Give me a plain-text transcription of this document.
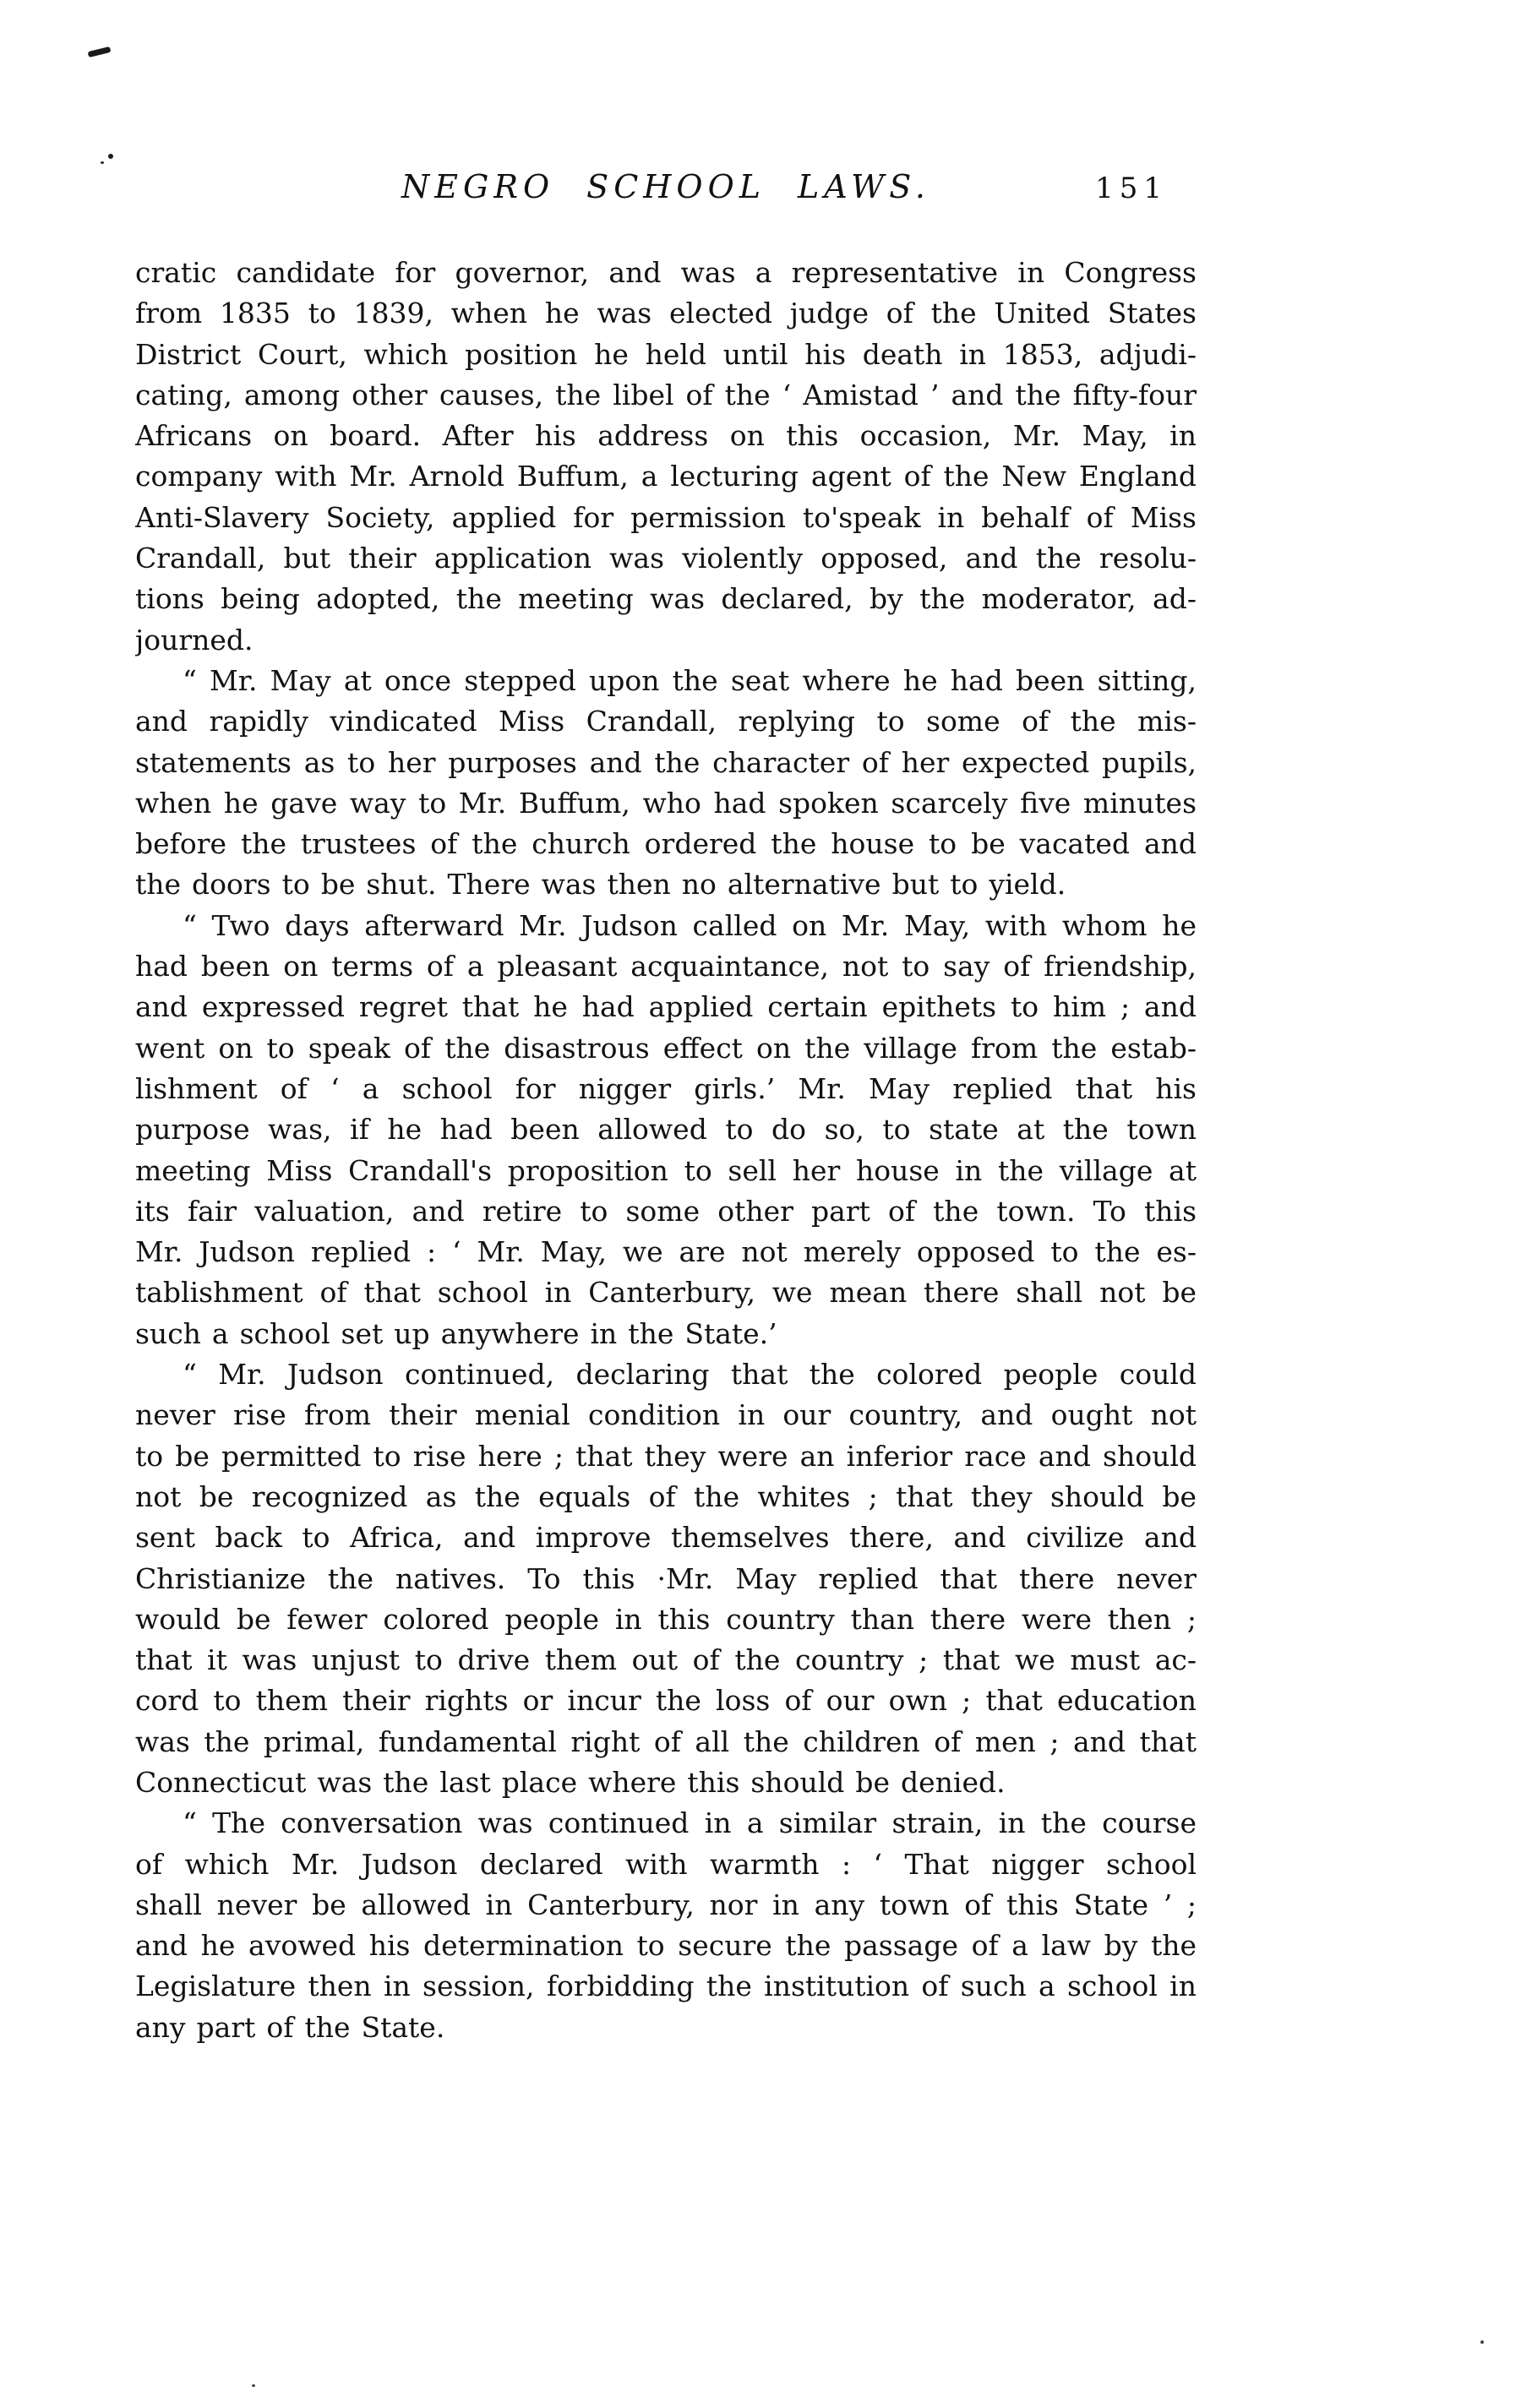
NEGRO SCHOOL LAWS.	151
cratic candidate for governor, and was a representative in Congress
from 1835 to 1839, when he was elected judge of the United States
District Court, which position he held until his death in 1853, adjudi-
cating, among other causes, the libel of the ‘ Amistad ’ and the fifty-four
Africans on board. After his address on this occasion, Mr. May, in
company with Mr. Arnold Buffum, a lecturing agent of the New England
Anti-Slavery Society, applied for permission to'speak in behalf of Miss
Crandall, but their application was violently opposed, and the resolu-
tions being adopted, the meeting was declared, by the moderator, ad-
journed.
“ Mr. May at once stepped upon the seat where he had been sitting,
and rapidly vindicated Miss Crandall, replying to some of the mis-
statements as to her purposes and the character of her expected pupils,
when he gave way to Mr. Buffum, who had spoken scarcely five minutes
before the trustees of the church ordered the house to be vacated and
the doors to be shut. There was then no alternative but to yield.
“ Two days afterward Mr. Judson called on Mr. May, with whom he
had been on terms of a pleasant acquaintance, not to say of friendship,
and expressed regret that he had applied certain epithets to him ; and
went on to speak of the disastrous effect on the village from the estab-
lishment of ‘ a school for nigger girls.’ Mr. May replied that his
purpose was, if he had been allowed to do so, to state at the town
meeting Miss Crandall's proposition to sell her house in the village at
its fair valuation, and retire to some other part of the town. To this
Mr. Judson replied : ‘ Mr. May, we are not merely opposed to the es-
tablishment of that school in Canterbury, we mean there shall not be
such a school set up anywhere in the State.’
“ Mr. Judson continued, declaring that the colored people could
never rise from their menial condition in our country, and ought not
to be permitted to rise here ; that they were an inferior race and should
not be recognized as the equals of the whites ; that they should be
sent back to Africa, and improve themselves there, and civilize and
Christianize the natives. To this ·Mr. May replied that there never
would be fewer colored people in this country than there were then ;
that it was unjust to drive them out of the country ; that we must ac-
cord to them their rights or incur the loss of our own ; that education
was the primal, fundamental right of all the children of men ; and that
Connecticut was the last place where this should be denied.
“ The conversation was continued in a similar strain, in the course
of which Mr. Judson declared with warmth : ‘ That nigger school
shall never be allowed in Canterbury, nor in any town of this State ’ ;
and he avowed his determination to secure the passage of a law by the
Legislature then in session, forbidding the institution of such a school in
any part of the State.
